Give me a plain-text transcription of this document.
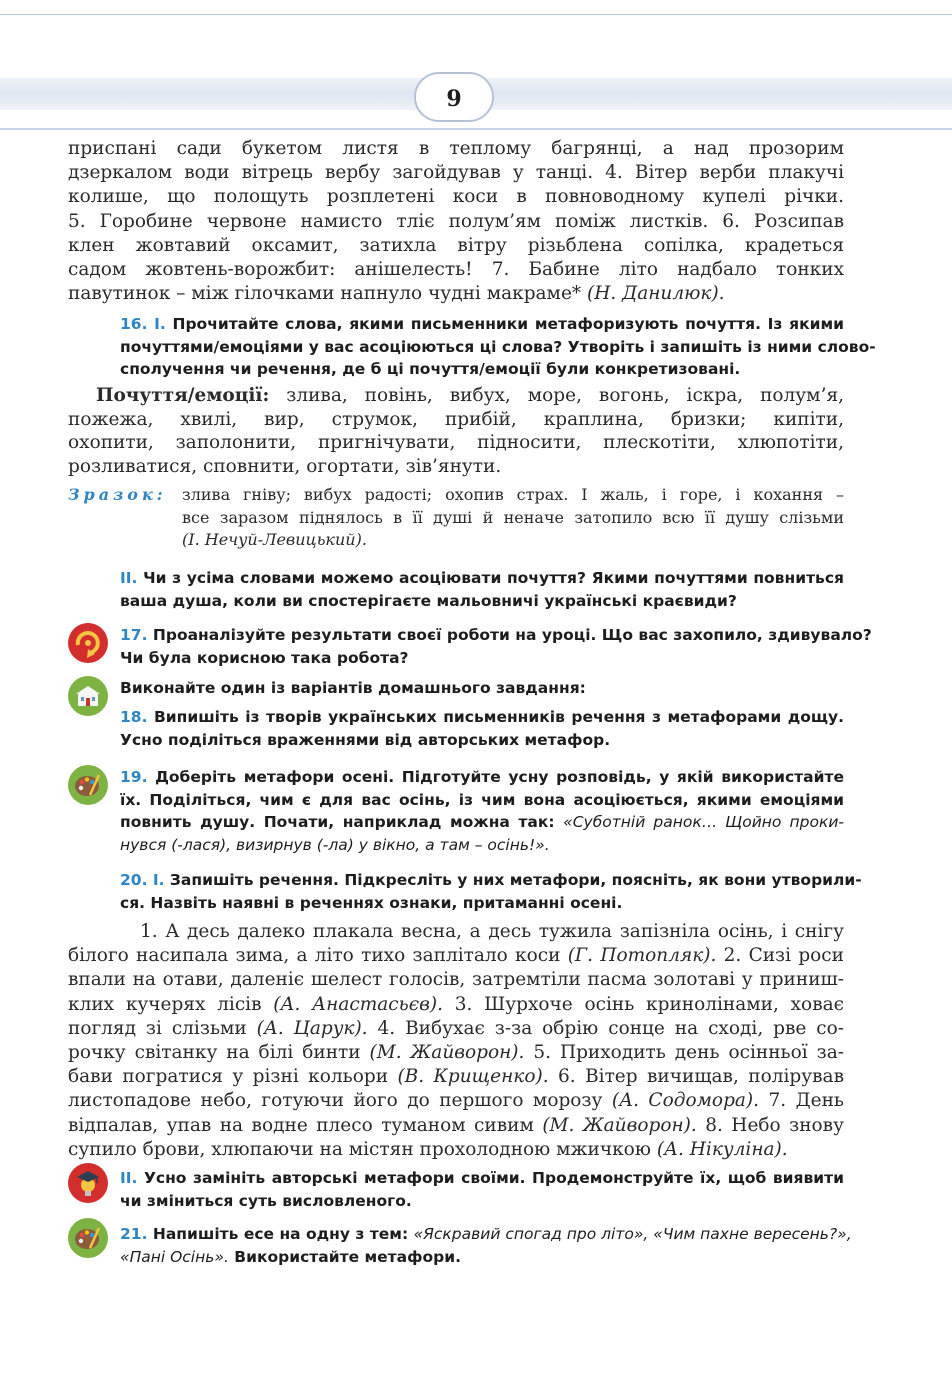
9
приспані сади букетом листя в теплому багрянці, а над прозорим
дзеркалом води вітрець вербу загойдував у танці. 4. Вітер верби плакучі
колише, що полощуть розплетені коси в повноводному купелі річки.
5. Горобине червоне намисто тліє полум’ям поміж листків. 6. Розсипав
клен жовтавий оксамит, затихла вітру різьблена сопілка, крадеться
садом жовтень-ворожбит: анішелесть! 7. Бабине літо надбало тонких
павутинок – між гілочками напнуло чудні макраме* (Н. Данилюк).
16. I. Прочитайте слова, якими письменники метафоризують почуття. Із якими
почуттями/емоціями у вас асоціюються ці слова? Утворіть і запишіть із ними слово-
сполучення чи речення, де б ці почуття/емоції були конкретизовані.
Почуття/емоції: злива, повінь, вибух, море, вогонь, іскра, полум’я,
пожежа, хвилі, вир, струмок, прибій, краплина, бризки; кипіти,
охопити, заполонити, пригнічувати, підносити, плескотіти, хлюпотіти,
розливатися, сповнити, огортати, зів’янути.
Зразок: злива гніву; вибух радості; охопив страх. І жаль, і горе, і кохання –
все заразом піднялось в її душі й неначе затопило всю її душу слізьми
(І. Нечуй-Левицький).
II. Чи з усіма словами можемо асоціювати почуття? Якими почуттями повниться
ваша душа, коли ви спостерігаєте мальовничі українські краєвиди?
17. Проаналізуйте результати своєї роботи на уроці. Що вас захопило, здивувало?
Чи була корисною така робота?
Виконайте один із варіантів домашнього завдання:
18. Випишіть із творів українських письменників речення з метафорами дощу.
Усно поділіться враженнями від авторських метафор.
19. Доберіть метафори осені. Підготуйте усну розповідь, у якій використайте
їх. Поділіться, чим є для вас осінь, із чим вона асоціюється, якими емоціями
повнить душу. Почати, наприклад можна так: «Суботній ранок… Щойно проки-
нувся (-лася), визирнув (-ла) у вікно, а там – осінь!».
20. I. Запишіть речення. Підкресліть у них метафори, поясніть, як вони утворили-
ся. Назвіть наявні в реченнях ознаки, притаманні осені.
1. А десь далеко плакала весна, а десь тужила запізніла осінь, і снігу
білого насипала зима, а літо тихо заплітало коси (Г. Потопляк). 2. Сизі роси
впали на отави, даленіє шелест голосів, затремтіли пасма золотаві у приниш-
клих кучерях лісів (А. Анастасьєв). 3. Шурхоче осінь кринолінами, ховає
погляд зі слізьми (А. Царук). 4. Вибухає з-за обрію сонце на сході, рве со-
рочку світанку на білі бинти (М. Жайворон). 5. Приходить день осінньої за-
бави погратися у різні кольори (В. Крищенко). 6. Вітер вичищав, полірував
листопадове небо, готуючи його до першого морозу (А. Содомора). 7. День
відпалав, упав на водне плесо туманом сивим (М. Жайворон). 8. Небо знову
супило брови, хлюпаючи на містян прохолодною мжичкою (А. Нікуліна).
II. Усно замініть авторські метафори своїми. Продемонструйте їх, щоб виявити
чи зміниться суть висловленого.
21. Напишіть есе на одну з тем: «Яскравий спогад про літо», «Чим пахне вересень?»,
«Пані Осінь». Використайте метафори.
